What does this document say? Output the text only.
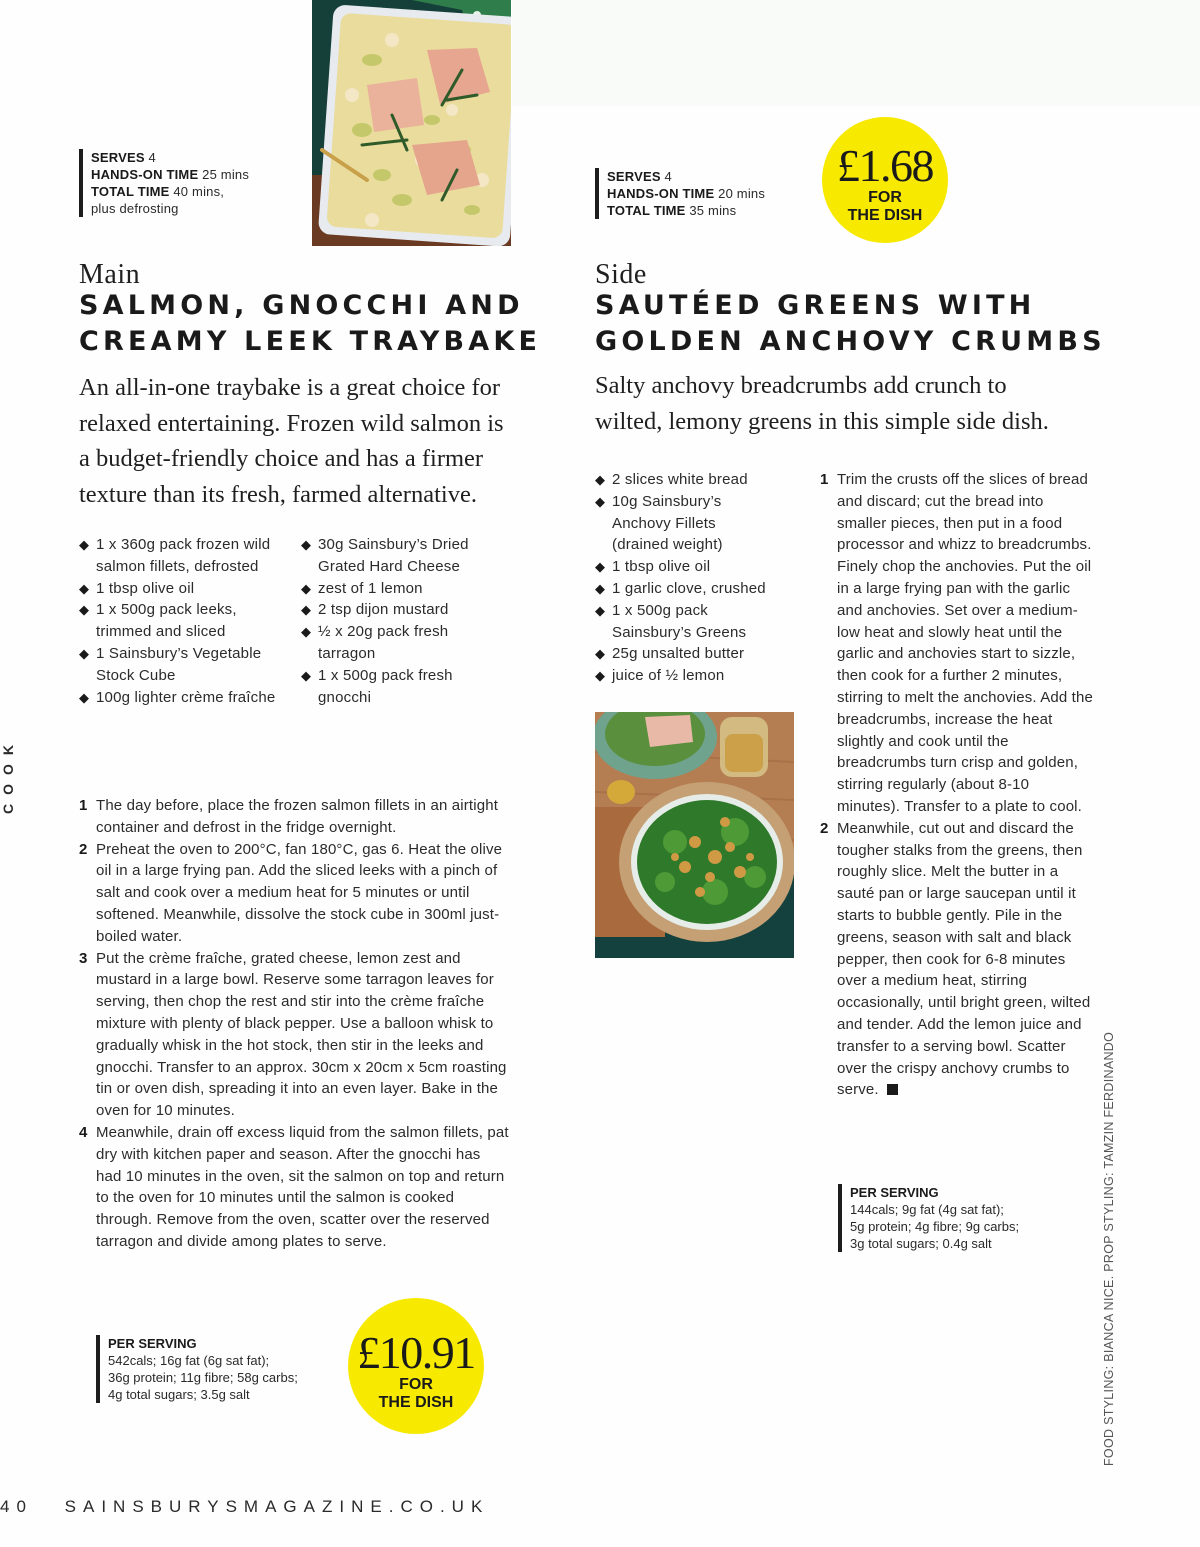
SERVES 4
HANDS-ON TIME 25 mins
TOTAL TIME 40 mins,
plus defrosting
Main
SALMON, GNOCCHI AND
CREAMY LEEK TRAYBAKE
An all-in-one traybake is a great choice for relaxed entertaining. Frozen wild salmon is a budget-friendly choice and has a firmer texture than its fresh, farmed alternative.
◆ 1 x 360g pack frozen wild salmon fillets, defrosted
◆ 1 tbsp olive oil
◆ 1 x 500g pack leeks, trimmed and sliced
◆ 1 Sainsbury’s Vegetable Stock Cube
◆ 100g lighter crème fraîche
◆ 30g Sainsbury’s Dried Grated Hard Cheese
◆ zest of 1 lemon
◆ 2 tsp dijon mustard
◆ ½ x 20g pack fresh tarragon
◆ 1 x 500g pack fresh gnocchi
1 The day before, place the frozen salmon fillets in an airtight container and defrost in the fridge overnight.
2 Preheat the oven to 200°C, fan 180°C, gas 6. Heat the olive oil in a large frying pan. Add the sliced leeks with a pinch of salt and cook over a medium heat for 5 minutes or until softened. Meanwhile, dissolve the stock cube in 300ml just-boiled water.
3 Put the crème fraîche, grated cheese, lemon zest and mustard in a large bowl. Reserve some tarragon leaves for serving, then chop the rest and stir into the crème fraîche mixture with plenty of black pepper. Use a balloon whisk to gradually whisk in the hot stock, then stir in the leeks and gnocchi. Transfer to an approx. 30cm x 20cm x 5cm roasting tin or oven dish, spreading it into an even layer. Bake in the oven for 10 minutes.
4 Meanwhile, drain off excess liquid from the salmon fillets, pat dry with kitchen paper and season. After the gnocchi has had 10 minutes in the oven, sit the salmon on top and return to the oven for 10 minutes until the salmon is cooked through. Remove from the oven, scatter over the reserved tarragon and divide among plates to serve.
PER SERVING
542cals; 16g fat (6g sat fat);
36g protein; 11g fibre; 58g carbs;
4g total sugars; 3.5g salt
£10.91
FOR
THE DISH
SERVES 4
HANDS-ON TIME 20 mins
TOTAL TIME 35 mins
£1.68
FOR
THE DISH
Side
SAUTÉED GREENS WITH
GOLDEN ANCHOVY CRUMBS
Salty anchovy breadcrumbs add crunch to wilted, lemony greens in this simple side dish.
◆ 2 slices white bread
◆ 10g Sainsbury’s Anchovy Fillets (drained weight)
◆ 1 tbsp olive oil
◆ 1 garlic clove, crushed
◆ 1 x 500g pack Sainsbury’s Greens
◆ 25g unsalted butter
◆ juice of ½ lemon
1 Trim the crusts off the slices of bread and discard; cut the bread into smaller pieces, then put in a food processor and whizz to breadcrumbs. Finely chop the anchovies. Put the oil in a large frying pan with the garlic and anchovies. Set over a medium-low heat and slowly heat until the garlic and anchovies start to sizzle, then cook for a further 2 minutes, stirring to melt the anchovies. Add the breadcrumbs, increase the heat slightly and cook until the breadcrumbs turn crisp and golden, stirring regularly (about 8-10 minutes). Transfer to a plate to cool.
2 Meanwhile, cut out and discard the tougher stalks from the greens, then roughly slice. Melt the butter in a sauté pan or large saucepan until it starts to bubble gently. Pile in the greens, season with salt and black pepper, then cook for 6-8 minutes over a medium heat, stirring occasionally, until bright green, wilted and tender. Add the lemon juice and transfer to a serving bowl. Scatter over the crispy anchovy crumbs to serve.
PER SERVING
144cals; 9g fat (4g sat fat);
5g protein; 4g fibre; 9g carbs;
3g total sugars; 0.4g salt
COOK
FOOD STYLING: BIANCA NICE. PROP STYLING: TAMZIN FERDINANDO
40 SAINSBURYSMAGAZINE.CO.UK
